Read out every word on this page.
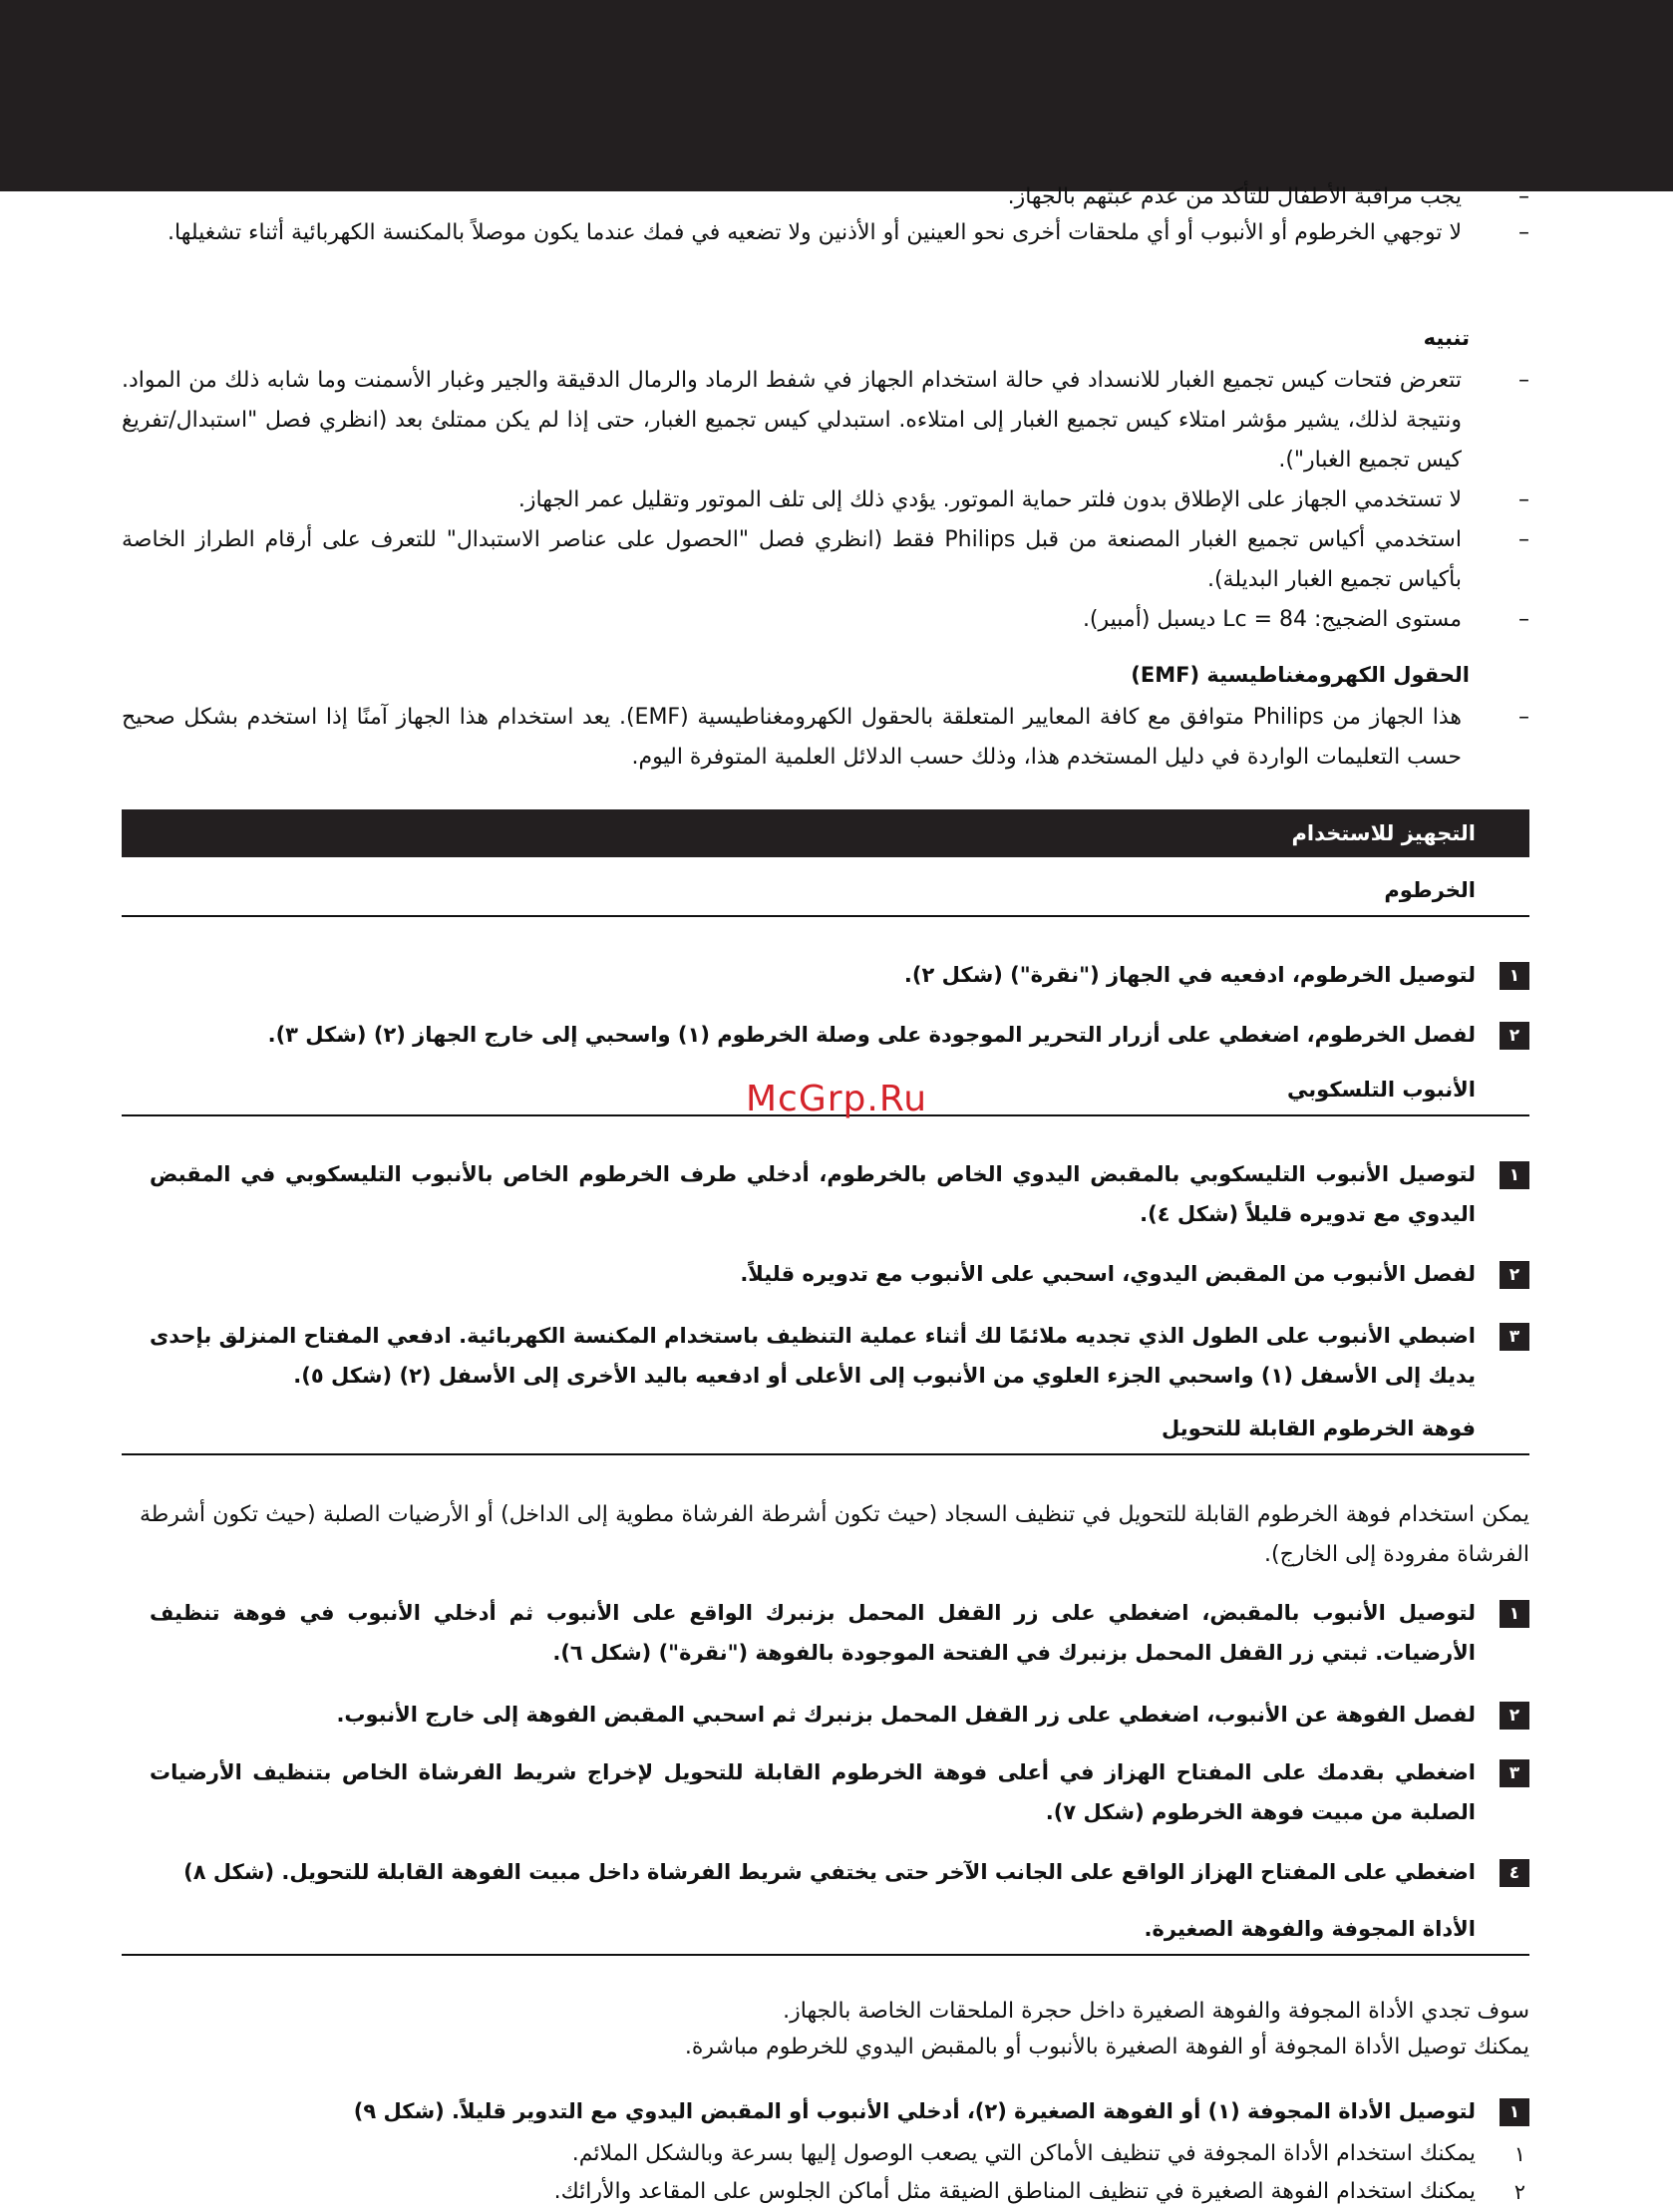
– يجب مراقبة الأطفال للتأكد من عدم عبثهم بالجهاز.
– لا توجهي الخرطوم أو الأنبوب أو أي ملحقات أخرى نحو العينين أو الأذنين ولا تضعيه في فمك عندما يكون موصلاً بالمكنسة الكهربائية أثناء تشغيلها.
تنبيه
– تتعرض فتحات كيس تجميع الغبار للانسداد في حالة استخدام الجهاز في شفط الرماد والرمال الدقيقة والجير وغبار الأسمنت وما شابه ذلك من المواد. ونتيجة لذلك، يشير مؤشر امتلاء كيس تجميع الغبار إلى امتلاءه. استبدلي كيس تجميع الغبار، حتى إذا لم يكن ممتلئ بعد (انظري فصل "استبدال/تفريغ كيس تجميع الغبار").
– لا تستخدمي الجهاز على الإطلاق بدون فلتر حماية الموتور. يؤدي ذلك إلى تلف الموتور وتقليل عمر الجهاز.
– استخدمي أكياس تجميع الغبار المصنعة من قبل Philips فقط (انظري فصل "الحصول على عناصر الاستبدال" للتعرف على أرقام الطراز الخاصة بأكياس تجميع الغبار البديلة).
– مستوى الضجيج: Lc = 84 ديسبل (أمبير).
الحقول الكهرومغناطيسية (EMF)
– هذا الجهاز من Philips متوافق مع كافة المعايير المتعلقة بالحقول الكهرومغناطيسية (EMF). يعد استخدام هذا الجهاز آمنًا إذا استخدم بشكل صحيح حسب التعليمات الواردة في دليل المستخدم هذا، وذلك حسب الدلائل العلمية المتوفرة اليوم.
التجهيز للاستخدام
الخرطوم
١
لتوصيل الخرطوم، ادفعيه في الجهاز ("نقرة") (شكل ٢).
٢
لفصل الخرطوم، اضغطي على أزرار التحرير الموجودة على وصلة الخرطوم (١) واسحبي إلى خارج الجهاز (٢) (شكل ٣).
الأنبوب التلسكوبي
McGrp.Ru
١
لتوصيل الأنبوب التليسكوبي بالمقبض اليدوي الخاص بالخرطوم، أدخلي طرف الخرطوم الخاص بالأنبوب التليسكوبي في المقبض اليدوي مع تدويره قليلاً (شكل ٤).
٢
لفصل الأنبوب من المقبض اليدوي، اسحبي على الأنبوب مع تدويره قليلاً.
٣
اضبطي الأنبوب على الطول الذي تجديه ملائمًا لك أثناء عملية التنظيف باستخدام المكنسة الكهربائية. ادفعي المفتاح المنزلق بإحدى يديك إلى الأسفل (١) واسحبي الجزء العلوي من الأنبوب إلى الأعلى أو ادفعيه باليد الأخرى إلى الأسفل (٢) (شكل ٥).
فوهة الخرطوم القابلة للتحويل
يمكن استخدام فوهة الخرطوم القابلة للتحويل في تنظيف السجاد (حيث تكون أشرطة الفرشاة مطوية إلى الداخل) أو الأرضيات الصلبة (حيث تكون أشرطة الفرشاة مفرودة إلى الخارج).
١
لتوصيل الأنبوب بالمقبض، اضغطي على زر القفل المحمل بزنبرك الواقع على الأنبوب ثم أدخلي الأنبوب في فوهة تنظيف الأرضيات. ثبتي زر القفل المحمل بزنبرك في الفتحة الموجودة بالفوهة ("نقرة") (شكل ٦).
٢
لفصل الفوهة عن الأنبوب، اضغطي على زر القفل المحمل بزنبرك ثم اسحبي المقبض الفوهة إلى خارج الأنبوب.
٣
اضغطي بقدمك على المفتاح الهزاز في أعلى فوهة الخرطوم القابلة للتحويل لإخراج شريط الفرشاة الخاص بتنظيف الأرضيات الصلبة من مبيت فوهة الخرطوم (شكل ٧).
٤
اضغطي على المفتاح الهزاز الواقع على الجانب الآخر حتى يختفي شريط الفرشاة داخل مبيت الفوهة القابلة للتحويل. (شكل ٨)
الأداة المجوفة والفوهة الصغيرة.
سوف تجدي الأداة المجوفة والفوهة الصغيرة داخل حجرة الملحقات الخاصة بالجهاز.
يمكنك توصيل الأداة المجوفة أو الفوهة الصغيرة بالأنبوب أو بالمقبض اليدوي للخرطوم مباشرة.
١
لتوصيل الأداة المجوفة (١) أو الفوهة الصغيرة (٢)، أدخلي الأنبوب أو المقبض اليدوي مع التدوير قليلاً. (شكل ٩)
١
يمكنك استخدام الأداة المجوفة في تنظيف الأماكن التي يصعب الوصول إليها بسرعة وبالشكل الملائم.
٢
يمكنك استخدام الفوهة الصغيرة في تنظيف المناطق الضيقة مثل أماكن الجلوس على المقاعد والأرائك.
